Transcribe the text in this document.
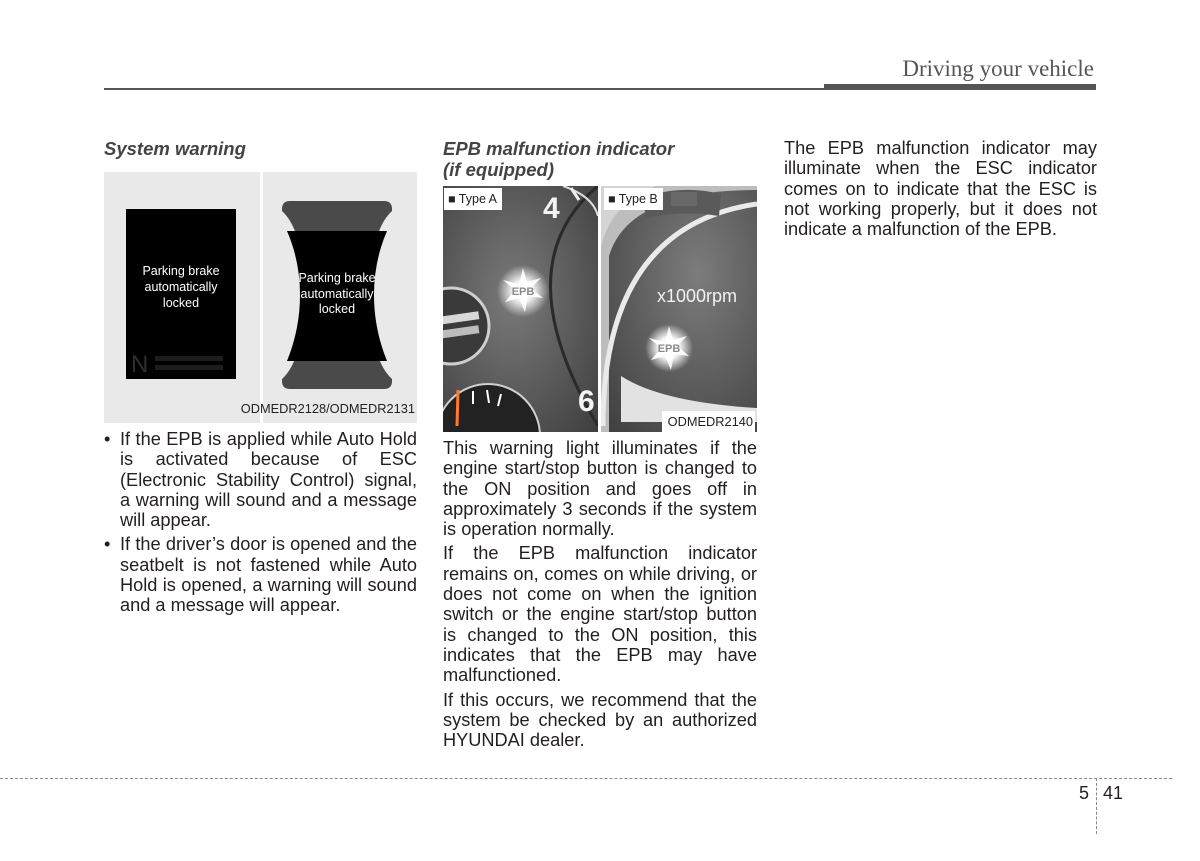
Driving your vehicle

System warning

Parking brake
automatically
locked
N
Parking brake
automatically
locked
ODMEDR2128/ODMEDR2131
• If the EPB is applied while Auto Hold is activated because of ESC (Electronic Stability Control) signal, a warning will sound and a message will appear.
• If the driver’s door is opened and the seatbelt is not fastened while Auto Hold is opened, a warning will sound and a message will appear.

EPB malfunction indicator

(if equipped)

EPB
4
6
■ Type A
x1000rpm
EPB
■ Type B
ODMEDR2140

This warning light illuminates if the engine start/stop button is changed to the ON position and goes off in approximately 3 seconds if the system is operation normally.

If the EPB malfunction indicator remains on, comes on while driving, or does not come on when the ignition switch or the engine start/stop button is changed to the ON position, this indicates that the EPB may have malfunctioned.

If this occurs, we recommend that the system be checked by an authorized HYUNDAI dealer.

The EPB malfunction indicator may illuminate when the ESC indicator comes on to indicate that the ESC is not working properly, but it does not indicate a malfunction of the EPB.

5 41
